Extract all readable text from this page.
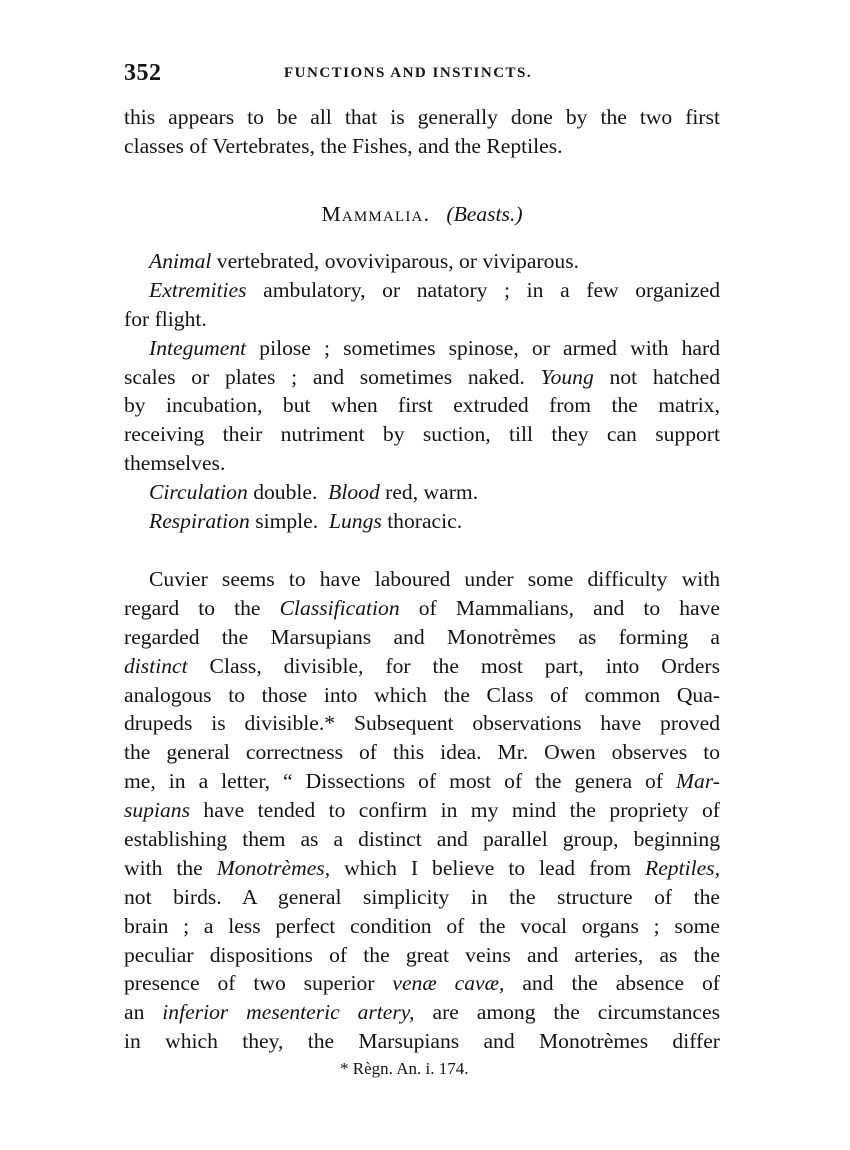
352	FUNCTIONS AND INSTINCTS.
this appears to be all that is generally done by the two first
classes of Vertebrates, the Fishes, and the Reptiles.
Mammalia. (Beasts.)
Animal vertebrated, ovoviviparous, or viviparous.
Extremities ambulatory, or natatory ; in a few organized
for flight.
Integument pilose ; sometimes spinose, or armed with hard
scales or plates ; and sometimes naked. Young not hatched
by incubation, but when first extruded from the matrix,
receiving their nutriment by suction, till they can support
themselves.
Circulation double. Blood red, warm.
Respiration simple. Lungs thoracic.
Cuvier seems to have laboured under some difficulty with
regard to the Classification of Mammalians, and to have
regarded the Marsupians and Monotrèmes as forming a
distinct Class, divisible, for the most part, into Orders
analogous to those into which the Class of common Qua-
drupeds is divisible.* Subsequent observations have proved
the general correctness of this idea. Mr. Owen observes to
me, in a letter, “ Dissections of most of the genera of Mar-
supians have tended to confirm in my mind the propriety of
establishing them as a distinct and parallel group, beginning
with the Monotrèmes, which I believe to lead from Reptiles,
not birds. A general simplicity in the structure of the
brain ; a less perfect condition of the vocal organs ; some
peculiar dispositions of the great veins and arteries, as the
presence of two superior venæ cavæ, and the absence of
an inferior mesenteric artery, are among the circumstances
in which they, the Marsupians and Monotrèmes differ
* Règn. An. i. 174.
